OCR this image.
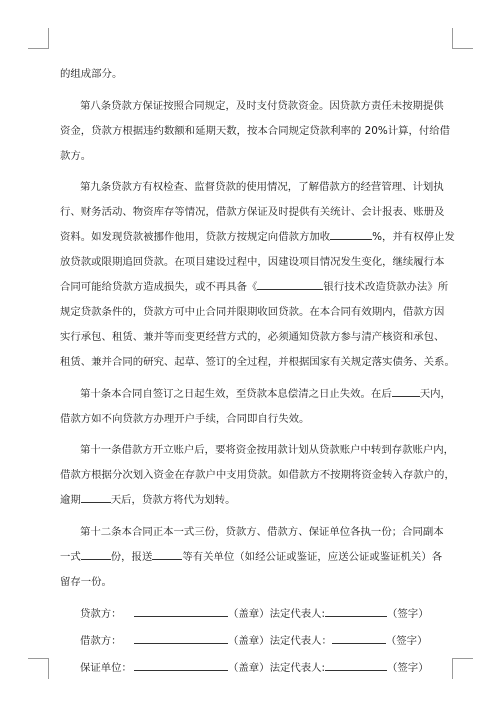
的组成部分。
第八条贷款方保证按照合同规定，及时支付贷款资金。因贷款方责任未按期提供
资金，贷款方根据违约数额和延期天数，按本合同规定贷款利率的 20%计算，付给借
款方。
第九条贷款方有权检查、监督贷款的使用情况，了解借款方的经营管理、计划执
行、财务活动、物资库存等情况，借款方保证及时提供有关统计、会计报表、账册及
资料。如发现贷款被挪作他用，贷款方按规定向借款方加收	%，并有权停止发
放贷款或限期追回贷款。在项目建设过程中，因建设项目情况发生变化，继续履行本
合同可能给贷款方造成损失，或不再具备《	银行技术改造贷款办法》所
规定贷款条件的，贷款方可中止合同并限期收回贷款。在本合同有效期内，借款方因
实行承包、租赁、兼并等而变更经营方式的，必须通知贷款方参与清产核资和承包、
租赁、兼并合同的研究、起草、签订的全过程，并根据国家有关规定落实债务、关系。
第十条本合同自签订之日起生效，至贷款本息偿清之日止失效。在后	天内，
借款方如不向贷款方办理开户手续，合同即自行失效。
第十一条借款方开立账户后，要将资金按用款计划从贷款账户中转到存款账户内，
借款方根据分次划入资金在存款户中支用贷款。如借款方不按期将资金转入存款户的，
逾期	天后，贷款方将代为划转。
第十二条本合同正本一式三份，贷款方、借款方、保证单位各执一份；合同副本
一式	份，报送	等有关单位（如经公证或鉴证，应送公证或鉴证机关）各
留存一份。
贷款方：	（盖章）法定代表人:	（签字）
借款方：	（盖章）法定代表人：	（签字）
保证单位：	（盖章）法定代表人:	（签字）
